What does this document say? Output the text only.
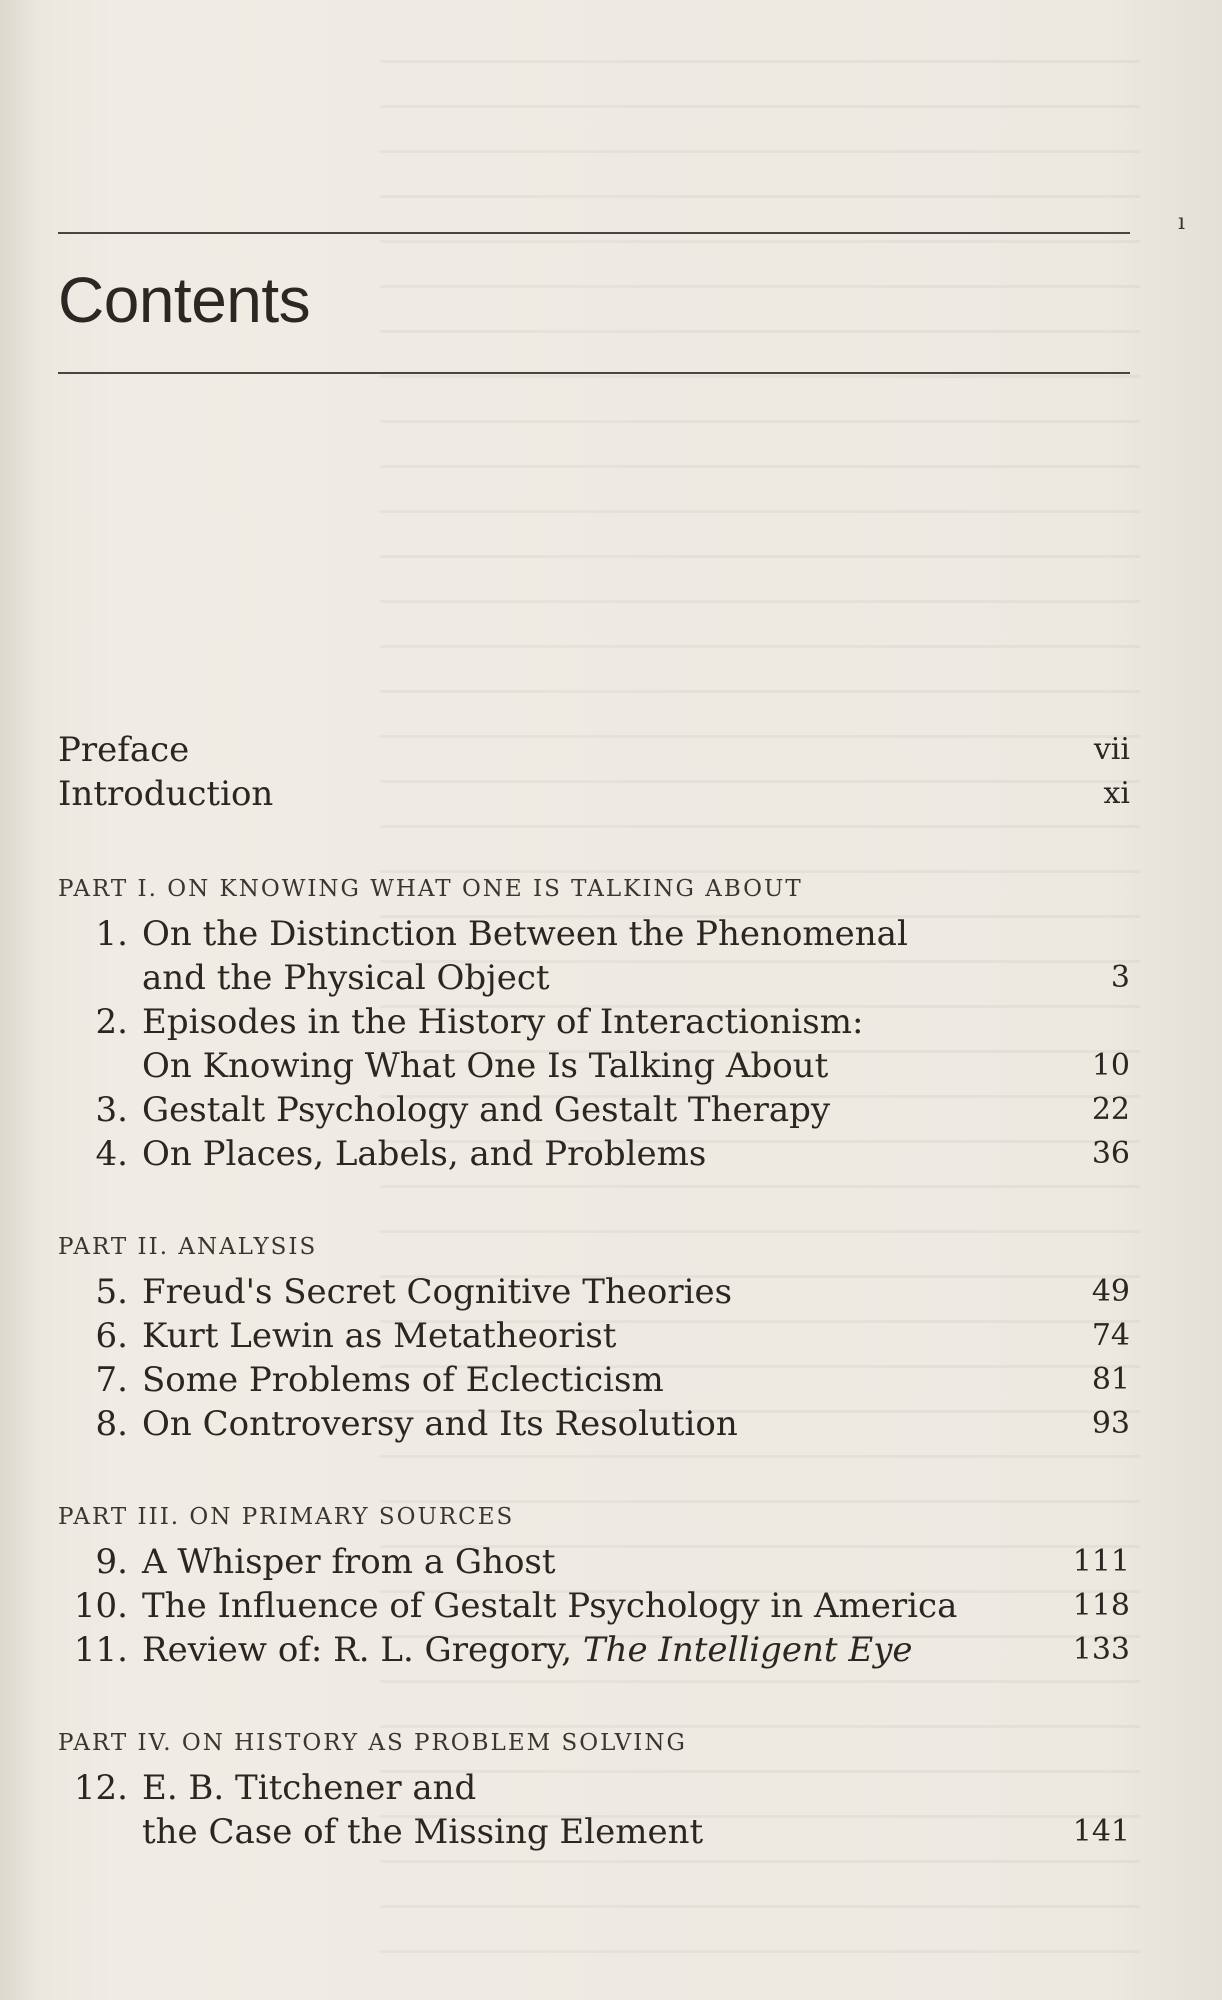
ı
Contents
Preface	vii
Introduction	xi
PART I. ON KNOWING WHAT ONE IS TALKING ABOUT
1. On the Distinction Between the Phenomenal
and the Physical Object	3
2. Episodes in the History of Interactionism:
On Knowing What One Is Talking About	10
3. Gestalt Psychology and Gestalt Therapy	22
4. On Places, Labels, and Problems	36
PART II. ANALYSIS
5. Freud's Secret Cognitive Theories	49
6. Kurt Lewin as Metatheorist	74
7. Some Problems of Eclecticism	81
8. On Controversy and Its Resolution	93
PART III. ON PRIMARY SOURCES
9. A Whisper from a Ghost	111
10. The Influence of Gestalt Psychology in America	118
11. Review of: R. L. Gregory, The Intelligent Eye	133
PART IV. ON HISTORY AS PROBLEM SOLVING
12. E. B. Titchener and
the Case of the Missing Element	141
